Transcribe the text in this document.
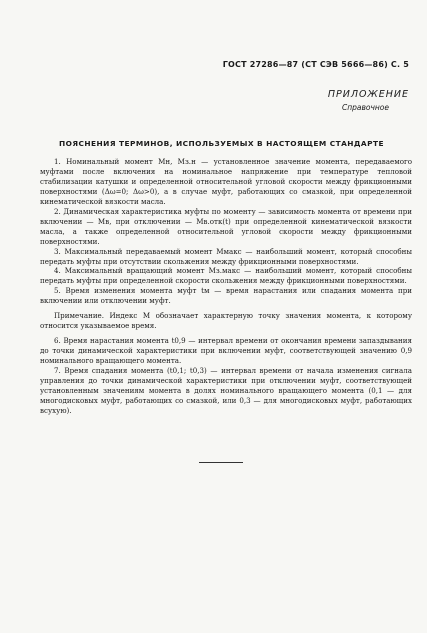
ГОСТ 27286—87 (СТ СЭВ 5666—86) С. 5
ПРИЛОЖЕНИЕ
Справочное
ПОЯСНЕНИЯ ТЕРМИНОВ, ИСПОЛЬЗУЕМЫХ В НАСТОЯЩЕМ СТАНДАРТЕ

1. Номинальный момент Mн, Mз.н — установленное значение момента, передаваемого муфтами после включения на номинальное напряжение при температуре тепловой стабилизации катушки и определенной относительной угловой скорости между фрикционными поверхностями (Δω=0; Δω>0), а в случае муфт, работающих со смазкой, при определенной кинематической вязкости масла.

2. Динамическая характеристика муфты по моменту — зависимость момента от времени при включении — Mв, при отключении — Mв.отк(t) при определенной кинематической вязкости масла, а также определенной относительной угловой скорости между фрикционными поверхностями.

3. Максимальный передаваемый момент Mмакс — наибольший момент, который способны передать муфты при отсутствии скольжения между фрикционными поверхностями.

4. Максимальный вращающий момент Mз.макс — наибольший момент, который способны передать муфты при определенной скорости скольжения между фрикционными поверхностями.

5. Время изменения момента муфт tм — время нарастания или спадания момента при включении или отключении муфт.

Примечание. Индекс M обозначает характерную точку значения момента, к которому относится указываемое время.

6. Время нарастания момента t0,9 — интервал времени от окончания времени запаздывания до точки динамической характеристики при включении муфт, соответствующей значению 0,9 номинального вращающего момента.

7. Время спадания момента (t0,1; t0,3) — интервал времени от начала изменения сигнала управления до точки динамической характеристики при отключении муфт, соответствующей установленным значениям момента в долях номинального вращающего момента (0,1 — для многодисковых муфт, работающих со смазкой, или 0,3 — для многодисковых муфт, работающих всухую).
